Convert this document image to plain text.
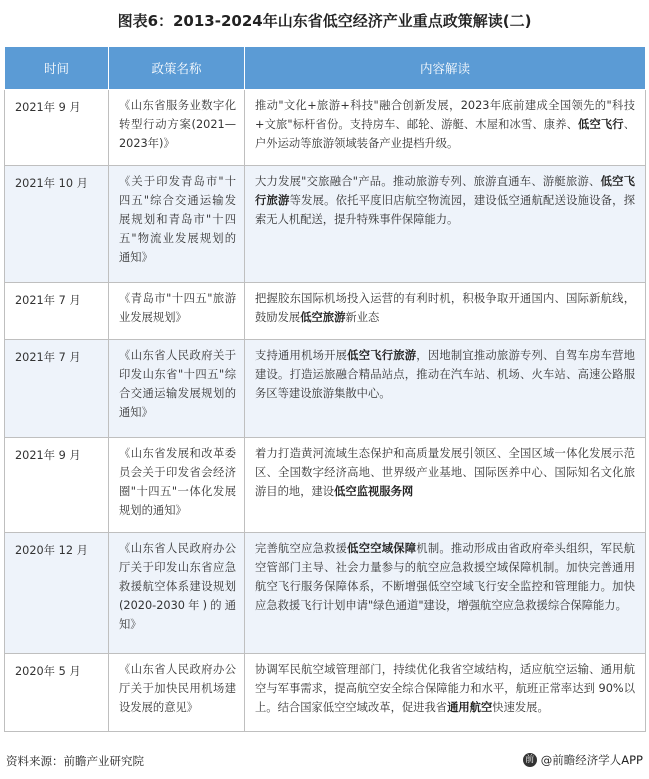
图表6：2013-2024年山东省低空经济产业重点政策解读(二)
时间	政策名称	内容解读
2021年 9 月	《山东省服务业数字化转型行动方案(2021—2023年)》	推动"文化+旅游+科技"融合创新发展，2023年底前建成全国领先的"科技+文旅"标杆省份。支持房车、邮轮、游艇、木屋和冰雪、康养、低空飞行、户外运动等旅游领域装备产业提档升级。
2021年 10 月	《关于印发青岛市"十四五"综合交通运输发展规划和青岛市"十四五"物流业发展规划的通知》	大力发展"交旅融合"产品。推动旅游专列、旅游直通车、游艇旅游、低空飞行旅游等发展。依托平度旧店航空物流园，建设低空通航配送设施设备，探索无人机配送，提升特殊事件保障能力。
2021年 7 月	《青岛市"十四五"旅游业发展规划》	把握胶东国际机场投入运营的有利时机，积极争取开通国内、国际新航线，鼓励发展低空旅游新业态
2021年 7 月	《山东省人民政府关于印发山东省"十四五"综合交通运输发展规划的通知》	支持通用机场开展低空飞行旅游，因地制宜推动旅游专列、自驾车房车营地建设。打造运旅融合精品站点，推动在汽车站、机场、火车站、高速公路服务区等建设旅游集散中心。
2021年 9 月	《山东省发展和改革委员会关于印发省会经济圈"十四五"一体化发展规划的通知》	着力打造黄河流域生态保护和高质量发展引领区、全国区域一体化发展示范区、全国数字经济高地、世界级产业基地、国际医养中心、国际知名文化旅游目的地，建设低空监视服务网
2020年 12 月	《山东省人民政府办公厅关于印发山东省应急救援航空体系建设规划(2020-2030年)的通知》	完善航空应急救援低空空域保障机制。推动形成由省政府牵头组织，军民航空管部门主导、社会力量参与的航空应急救援空域保障机制。加快完善通用航空飞行服务保障体系，不断增强低空空域飞行安全监控和管理能力。加快应急救援飞行计划申请"绿色通道"建设，增强航空应急救援综合保障能力。
2020年 5 月	《山东省人民政府办公厅关于加快民用机场建设发展的意见》	协调军民航空域管理部门，持续优化我省空域结构，适应航空运输、通用航空与军事需求，提高航空安全综合保障能力和水平，航班正常率达到 90%以上。结合国家低空空域改革，促进我省通用航空快速发展。
资料来源：前瞻产业研究院	前 @前瞻经济学人APP
